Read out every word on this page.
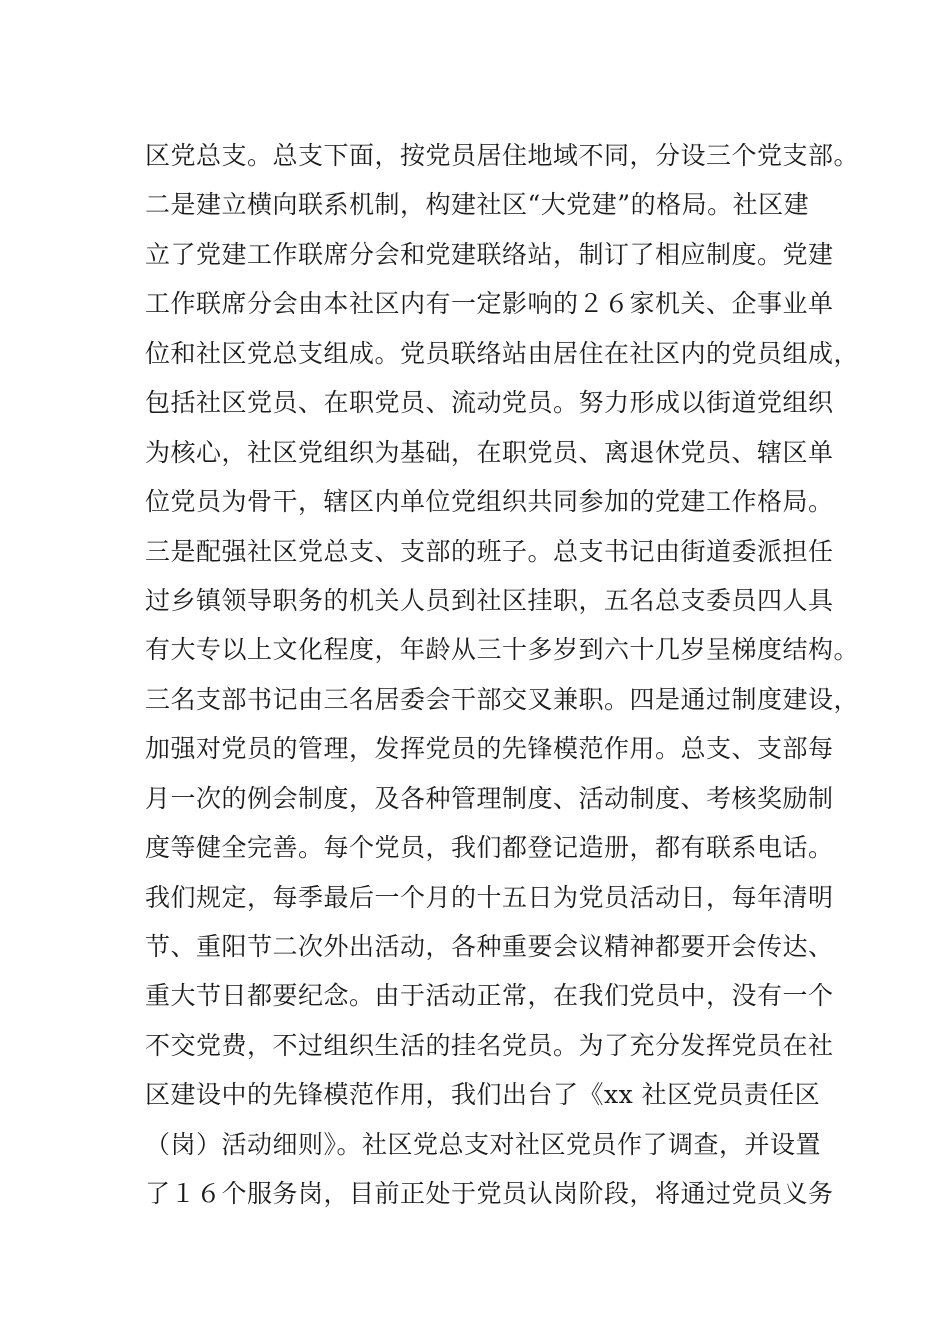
区党总支。总支下面，按党员居住地域不同，分设三个党支部。
二是建立横向联系机制，构建社区“大党建”的格局。社区建
立了党建工作联席分会和党建联络站，制订了相应制度。党建
工作联席分会由本社区内有一定影响的２６家机关、企事业单
位和社区党总支组成。党员联络站由居住在社区内的党员组成，
包括社区党员、在职党员、流动党员。努力形成以街道党组织
为核心，社区党组织为基础，在职党员、离退休党员、辖区单
位党员为骨干，辖区内单位党组织共同参加的党建工作格局。
三是配强社区党总支、支部的班子。总支书记由街道委派担任
过乡镇领导职务的机关人员到社区挂职，五名总支委员四人具
有大专以上文化程度，年龄从三十多岁到六十几岁呈梯度结构。
三名支部书记由三名居委会干部交叉兼职。四是通过制度建设，
加强对党员的管理，发挥党员的先锋模范作用。总支、支部每
月一次的例会制度，及各种管理制度、活动制度、考核奖励制
度等健全完善。每个党员，我们都登记造册，都有联系电话。
我们规定，每季最后一个月的十五日为党员活动日，每年清明
节、重阳节二次外出活动，各种重要会议精神都要开会传达、
重大节日都要纪念。由于活动正常，在我们党员中，没有一个
不交党费，不过组织生活的挂名党员。为了充分发挥党员在社
区建设中的先锋模范作用，我们出台了《xx 社区党员责任区
（岗）活动细则》。社区党总支对社区党员作了调查，并设置
了１６个服务岗，目前正处于党员认岗阶段，将通过党员义务
